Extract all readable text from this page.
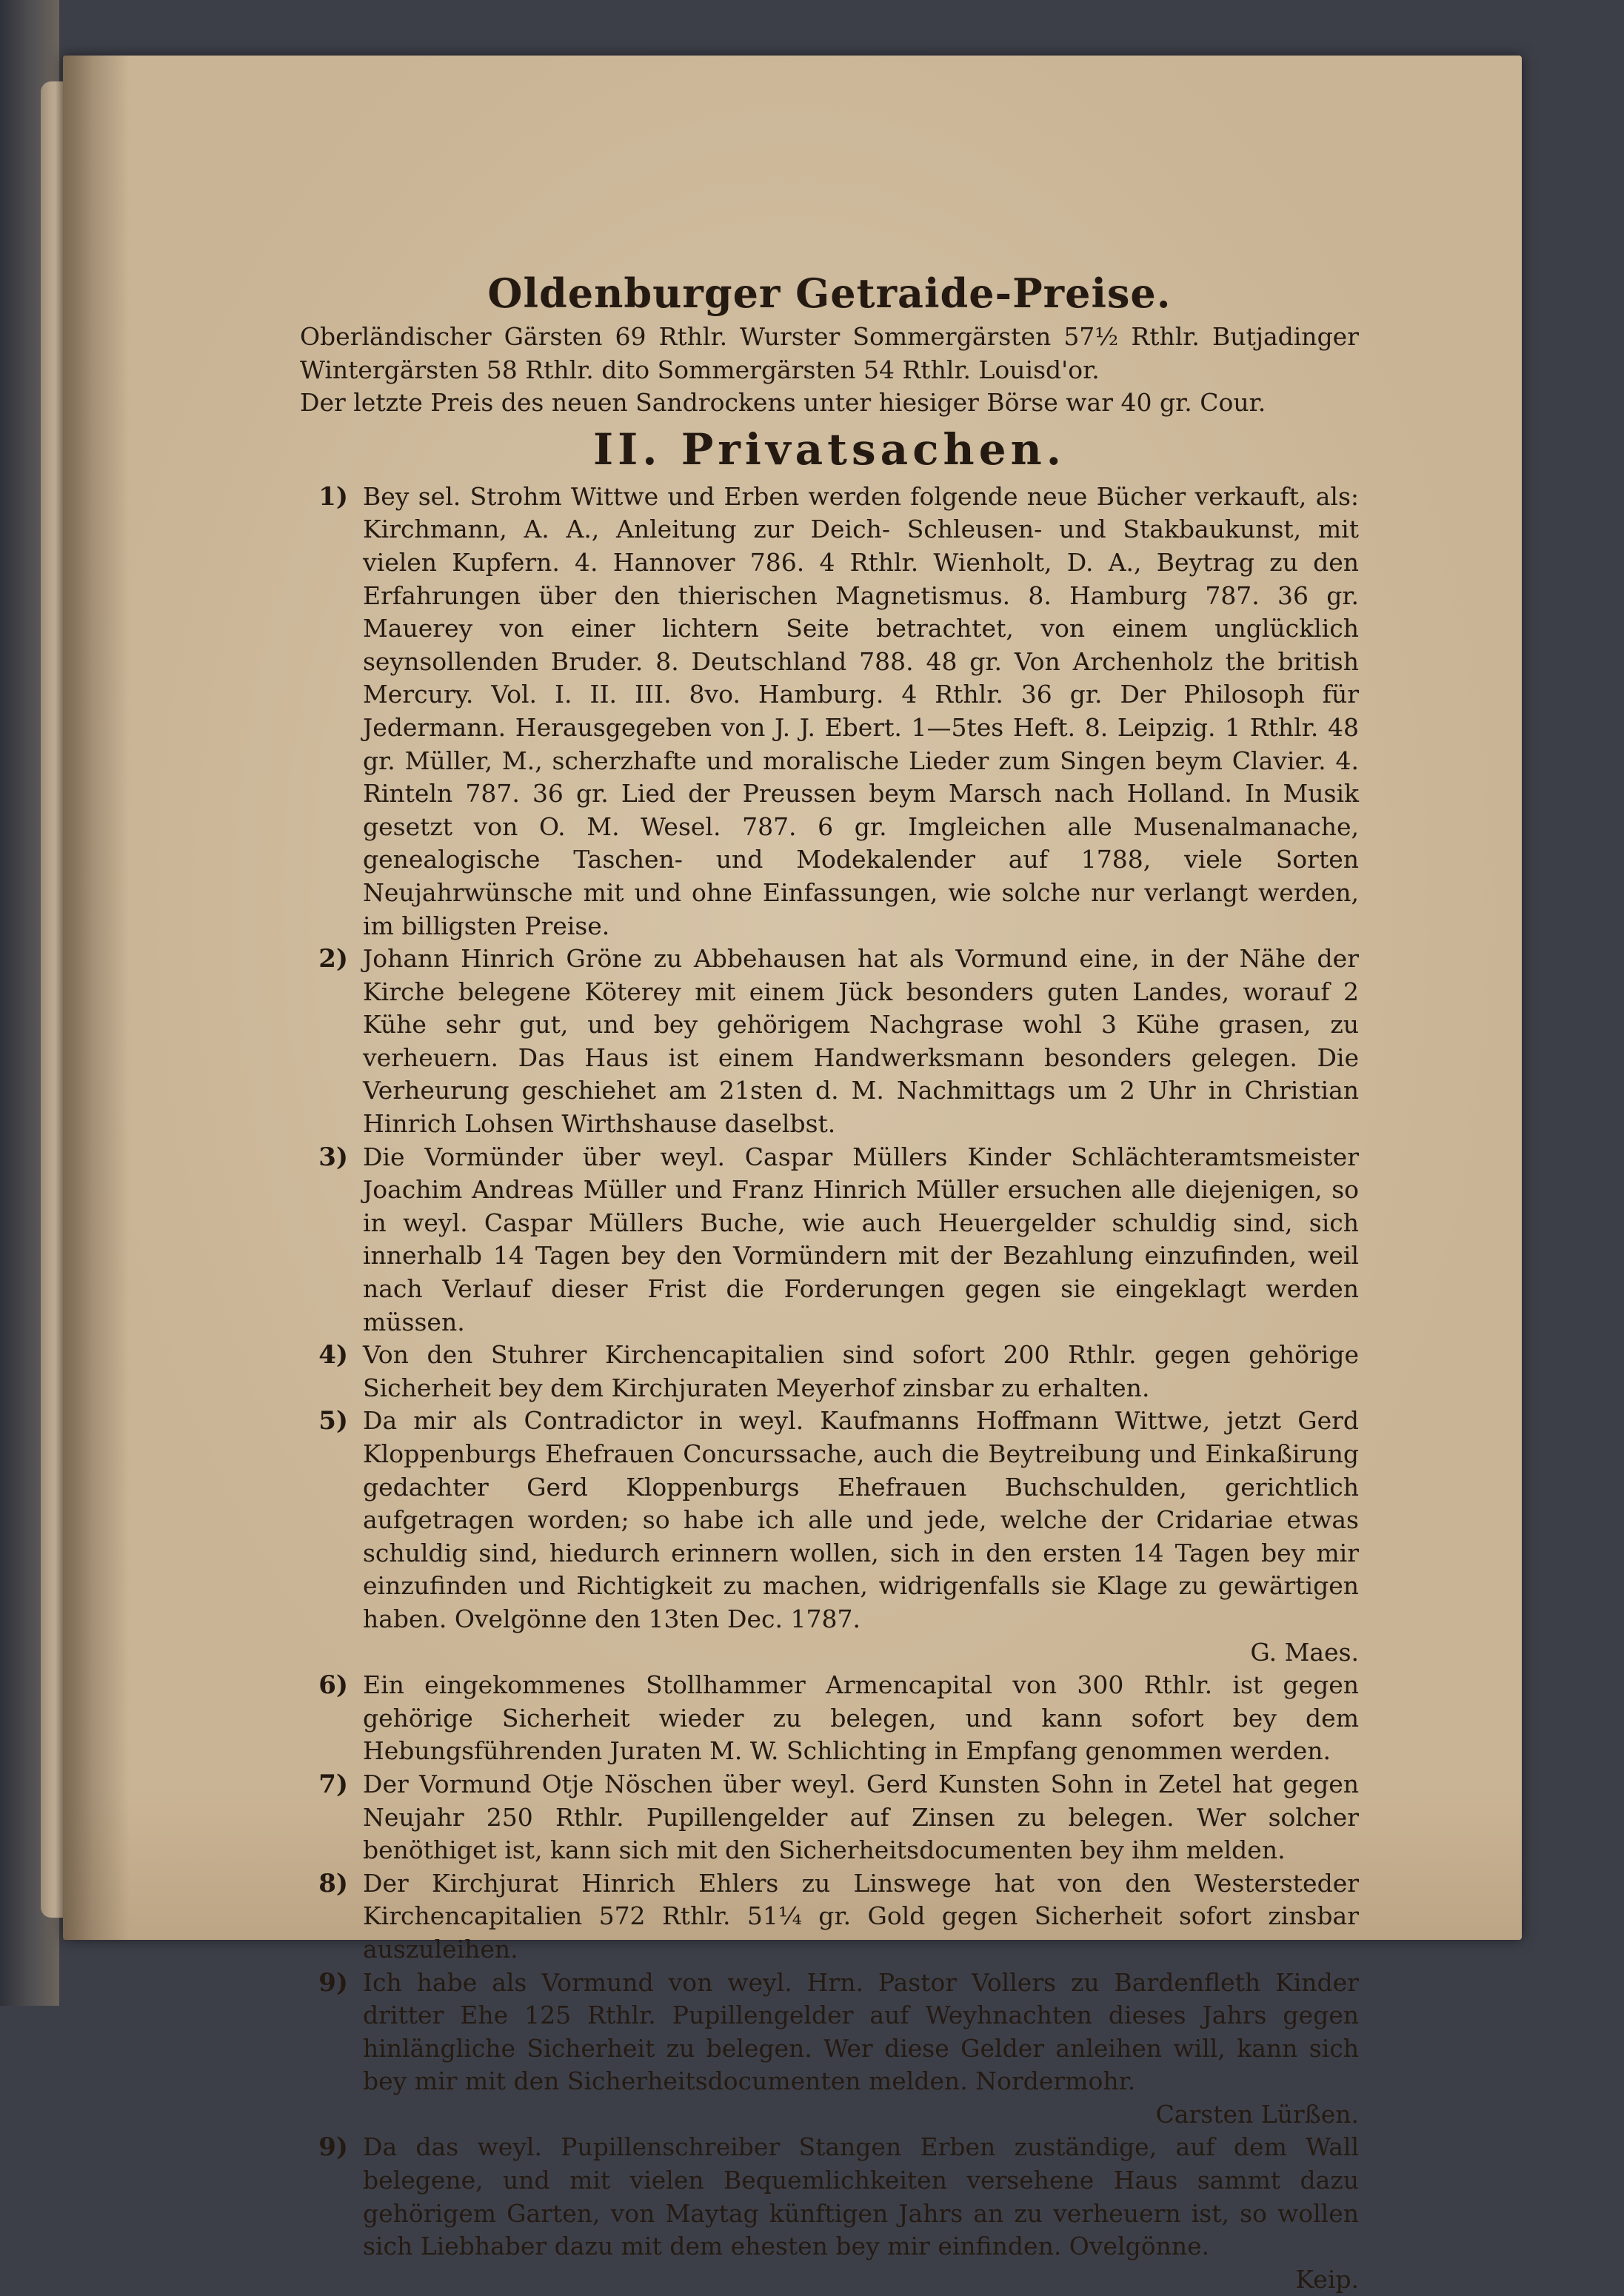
Oldenburger Getraide-Preise.

Oberländischer Gärsten 69 Rthlr. Wurster Sommergärsten 57½ Rthlr. Butjadinger Wintergärsten 58 Rthlr. dito Sommergärsten 54 Rthlr. Louisd'or.

Der letzte Preis des neuen Sandrockens unter hiesiger Börse war 40 gr. Cour.

II. Privatsachen.
1) Bey sel. Strohm Wittwe und Erben werden folgende neue Bücher verkauft, als: Kirchmann, A. A., Anleitung zur Deich- Schleusen- und Stakbaukunst, mit vielen Kupfern. 4. Hannover 786. 4 Rthlr. Wienholt, D. A., Beytrag zu den Erfahrungen über den thierischen Magnetismus. 8. Hamburg 787. 36 gr. Mauerey von einer lichtern Seite betrachtet, von einem unglücklich seynsollenden Bruder. 8. Deutschland 788. 48 gr. Von Archenholz the british Mercury. Vol. I. II. III. 8vo. Hamburg. 4 Rthlr. 36 gr. Der Philosoph für Jedermann. Herausgegeben von J. J. Ebert. 1—5tes Heft. 8. Leipzig. 1 Rthlr. 48 gr. Müller, M., scherzhafte und moralische Lieder zum Singen beym Clavier. 4. Rinteln 787. 36 gr. Lied der Preussen beym Marsch nach Holland. In Musik gesetzt von O. M. Wesel. 787. 6 gr. Imgleichen alle Musenalmanache, genealogische Taschen- und Modekalender auf 1788, viele Sorten Neujahrwünsche mit und ohne Einfassungen, wie solche nur verlangt werden, im billigsten Preise.

2) Johann Hinrich Gröne zu Abbehausen hat als Vormund eine, in der Nähe der Kirche belegene Köterey mit einem Jück besonders guten Landes, worauf 2 Kühe sehr gut, und bey gehörigem Nachgrase wohl 3 Kühe grasen, zu verheuern. Das Haus ist einem Handwerksmann besonders gelegen. Die Verheurung geschiehet am 21sten d. M. Nachmittags um 2 Uhr in Christian Hinrich Lohsen Wirthshause daselbst.

3) Die Vormünder über weyl. Caspar Müllers Kinder Schlächteramtsmeister Joachim Andreas Müller und Franz Hinrich Müller ersuchen alle diejenigen, so in weyl. Caspar Müllers Buche, wie auch Heuergelder schuldig sind, sich innerhalb 14 Tagen bey den Vormündern mit der Bezahlung einzufinden, weil nach Verlauf dieser Frist die Forderungen gegen sie eingeklagt werden müssen.

4) Von den Stuhrer Kirchencapitalien sind sofort 200 Rthlr. gegen gehörige Sicherheit bey dem Kirchjuraten Meyerhof zinsbar zu erhalten.

5) Da mir als Contradictor in weyl. Kaufmanns Hoffmann Wittwe, jetzt Gerd Kloppenburgs Ehefrauen Concurssache, auch die Beytreibung und Einkaßirung gedachter Gerd Kloppenburgs Ehefrauen Buchschulden, gerichtlich aufgetragen worden; so habe ich alle und jede, welche der Cridariae etwas schuldig sind, hiedurch erinnern wollen, sich in den ersten 14 Tagen bey mir einzufinden und Richtigkeit zu machen, widrigenfalls sie Klage zu gewärtigen haben. Ovelgönne den 13ten Dec. 1787.

G. Maes.
6) Ein eingekommenes Stollhammer Armencapital von 300 Rthlr. ist gegen gehörige Sicherheit wieder zu belegen, und kann sofort bey dem Hebungsführenden Juraten M. W. Schlichting in Empfang genommen werden.

7) Der Vormund Otje Nöschen über weyl. Gerd Kunsten Sohn in Zetel hat gegen Neujahr 250 Rthlr. Pupillengelder auf Zinsen zu belegen. Wer solcher benöthiget ist, kann sich mit den Sicherheitsdocumenten bey ihm melden.

8) Der Kirchjurat Hinrich Ehlers zu Linswege hat von den Westersteder Kirchencapitalien 572 Rthlr. 51¼ gr. Gold gegen Sicherheit sofort zinsbar auszuleihen.

9) Ich habe als Vormund von weyl. Hrn. Pastor Vollers zu Bardenfleth Kinder dritter Ehe 125 Rthlr. Pupillengelder auf Weyhnachten dieses Jahrs gegen hinlängliche Sicherheit zu belegen. Wer diese Gelder anleihen will, kann sich bey mir mit den Sicherheitsdocumenten melden. Nordermohr.

Carsten Lürßen.
9) Da das weyl. Pupillenschreiber Stangen Erben zuständige, auf dem Wall belegene, und mit vielen Bequemlichkeiten versehene Haus sammt dazu gehörigem Garten, von Maytag künftigen Jahrs an zu verheuern ist, so wollen sich Liebhaber dazu mit dem ehesten bey mir einfinden. Ovelgönne.

Keip.
